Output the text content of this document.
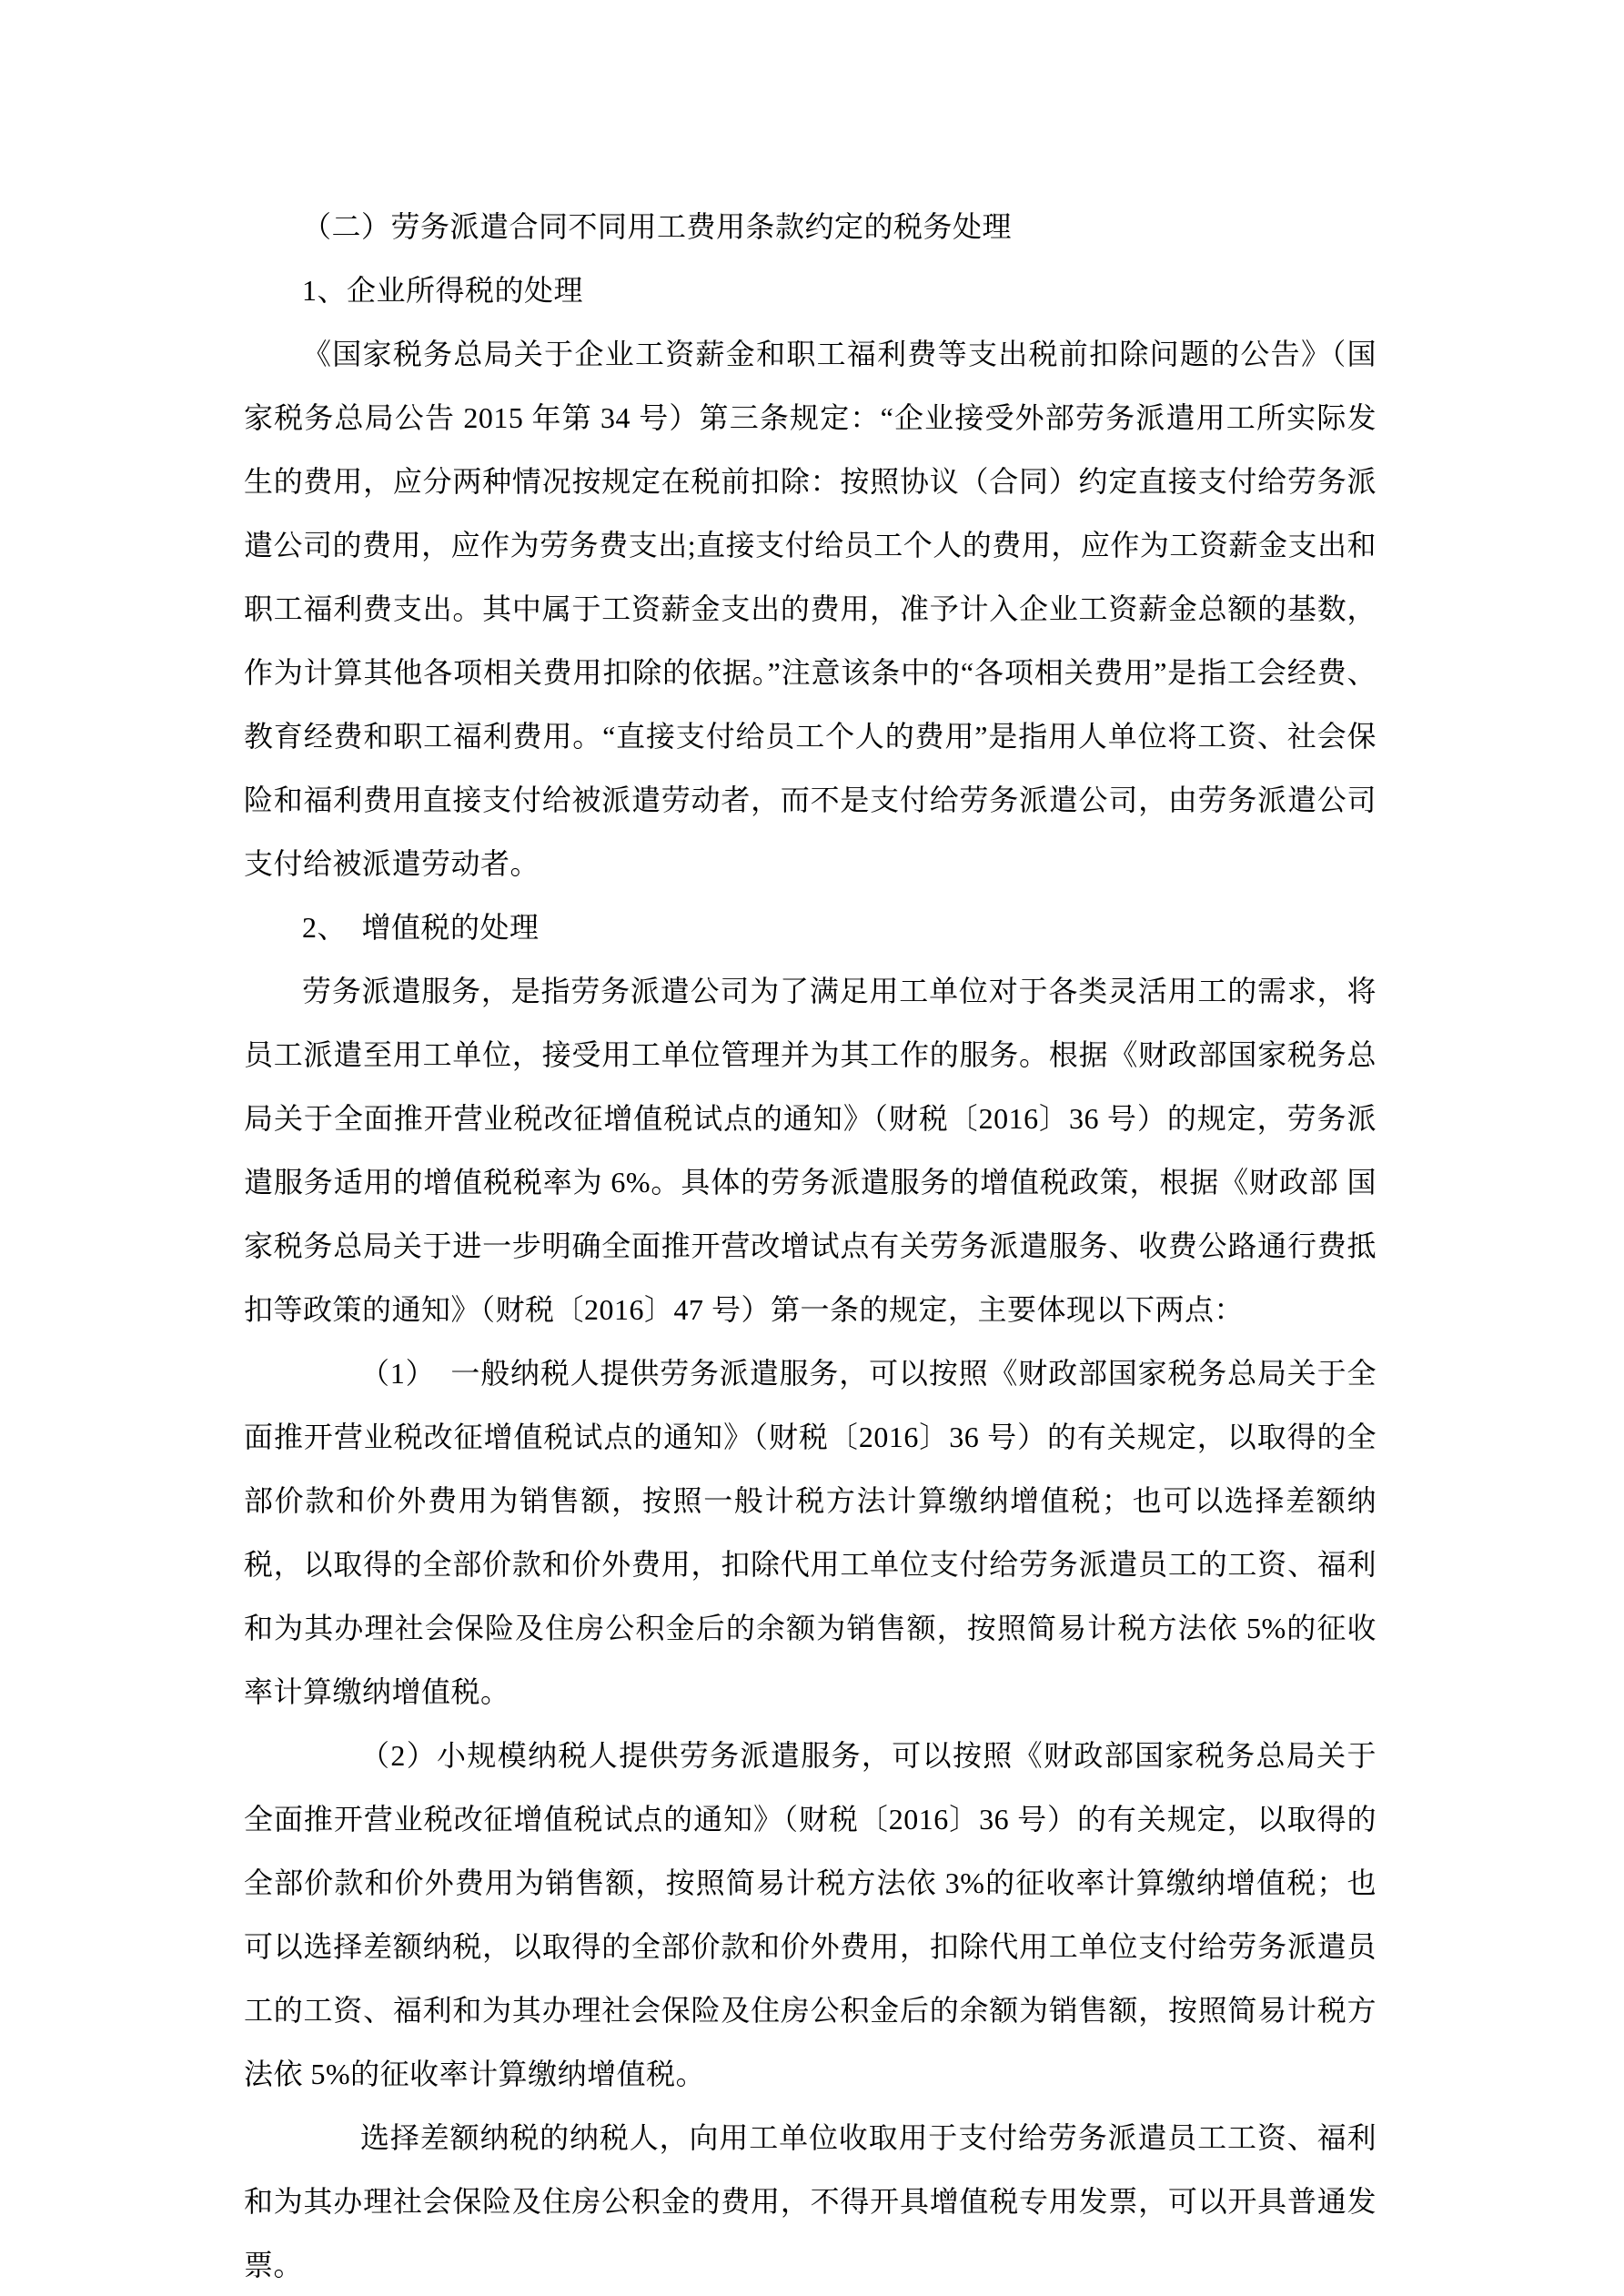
（二）劳务派遣合同不同用工费用条款约定的税务处理

1、企业所得税的处理

《国家税务总局关于企业工资薪金和职工福利费等支出税前扣除问题的公告》（国家税务总局公告 2015 年第 34 号）第三条规定：“企业接受外部劳务派遣用工所实际发生的费用，应分两种情况按规定在税前扣除：按照协议（合同）约定直接支付给劳务派遣公司的费用，应作为劳务费支出;直接支付给员工个人的费用，应作为工资薪金支出和职工福利费支出。其中属于工资薪金支出的费用，准予计入企业工资薪金总额的基数，作为计算其他各项相关费用扣除的依据。”注意该条中的“各项相关费用”是指工会经费、教育经费和职工福利费用。“直接支付给员工个人的费用”是指用人单位将工资、社会保险和福利费用直接支付给被派遣劳动者，而不是支付给劳务派遣公司，由劳务派遣公司支付给被派遣劳动者。

2、　增值税的处理

劳务派遣服务，是指劳务派遣公司为了满足用工单位对于各类灵活用工的需求，将员工派遣至用工单位，接受用工单位管理并为其工作的服务。根据《财政部国家税务总局关于全面推开营业税改征增值税试点的通知》（财税〔2016〕36 号）的规定，劳务派遣服务适用的增值税税率为 6%。具体的劳务派遣服务的增值税政策，根据《财政部 国家税务总局关于进一步明确全面推开营改增试点有关劳务派遣服务、收费公路通行费抵扣等政策的通知》（财税〔2016〕47 号）第一条的规定，主要体现以下两点：

（1）　一般纳税人提供劳务派遣服务，可以按照《财政部国家税务总局关于全面推开营业税改征增值税试点的通知》（财税〔2016〕36 号）的有关规定，以取得的全部价款和价外费用为销售额，按照一般计税方法计算缴纳增值税；也可以选择差额纳税，以取得的全部价款和价外费用，扣除代用工单位支付给劳务派遣员工的工资、福利和为其办理社会保险及住房公积金后的余额为销售额，按照简易计税方法依 5%的征收率计算缴纳增值税。

（2）小规模纳税人提供劳务派遣服务，可以按照《财政部国家税务总局关于全面推开营业税改征增值税试点的通知》（财税〔2016〕36 号）的有关规定，以取得的全部价款和价外费用为销售额，按照简易计税方法依 3%的征收率计算缴纳增值税；也可以选择差额纳税，以取得的全部价款和价外费用，扣除代用工单位支付给劳务派遣员工的工资、福利和为其办理社会保险及住房公积金后的余额为销售额，按照简易计税方法依 5%的征收率计算缴纳增值税。

选择差额纳税的纳税人，向用工单位收取用于支付给劳务派遣员工工资、福利和为其办理社会保险及住房公积金的费用，不得开具增值税专用发票，可以开具普通发票。
